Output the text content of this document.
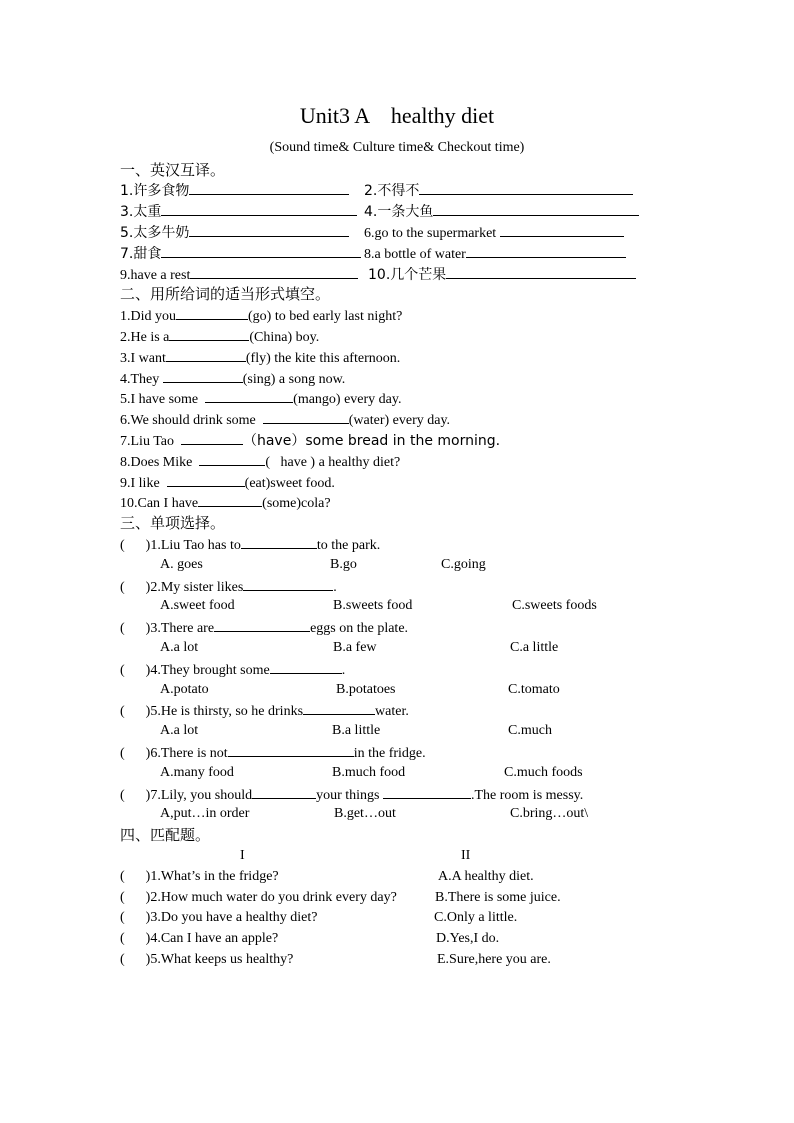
Unit3 A    healthy diet
(Sound time& Culture time& Checkout time)
一、英汉互译。
1.许多食物	2.不得不
3.太重	4.一条大鱼
5.太多牛奶	6.go to the supermarket
7.甜食	8.a bottle of water
9.have a rest	10.几个芒果
二、用所给词的适当形式填空。
1.Did you	(go) to bed early last night?
2.He is a	(China) boy.
3.I want	(fly) the kite this afternoon.
4.They	(sing) a song now.
5.I have some	(mango) every day.
6.We should drink some	(water) every day.
7.Liu Tao	（have）some bread in the morning.
8.Does Mike	(   have ) a healthy diet?
9.I like	(eat)sweet food.
10.Can I have	(some)cola?
三、单项选择。
(      )1.Liu Tao has to	to the park.
A. goes	B.go	C.going
(      )2.My sister likes	.
A.sweet food	B.sweets food	C.sweets foods
(      )3.There are	eggs on the plate.
A.a lot	B.a few	C.a little
(      )4.They brought some	.
A.potato	B.potatoes	C.tomato
(      )5.He is thirsty, so he drinks	water.
A.a lot	B.a little	C.much
(      )6.There is not	in the fridge.
A.many food	B.much food	C.much foods
(      )7.Lily, you should	your things	.The room is messy.
A,put…in order	B.get…out	C.bring…out\
四、匹配题。
I	II
(      )1.What’s in the fridge?	A.A healthy diet.
(      )2.How much water do you drink every day?	B.There is some juice.
(      )3.Do you have a healthy diet?	C.Only a little.
(      )4.Can I have an apple?	D.Yes,I do.
(      )5.What keeps us healthy?	E.Sure,here you are.
